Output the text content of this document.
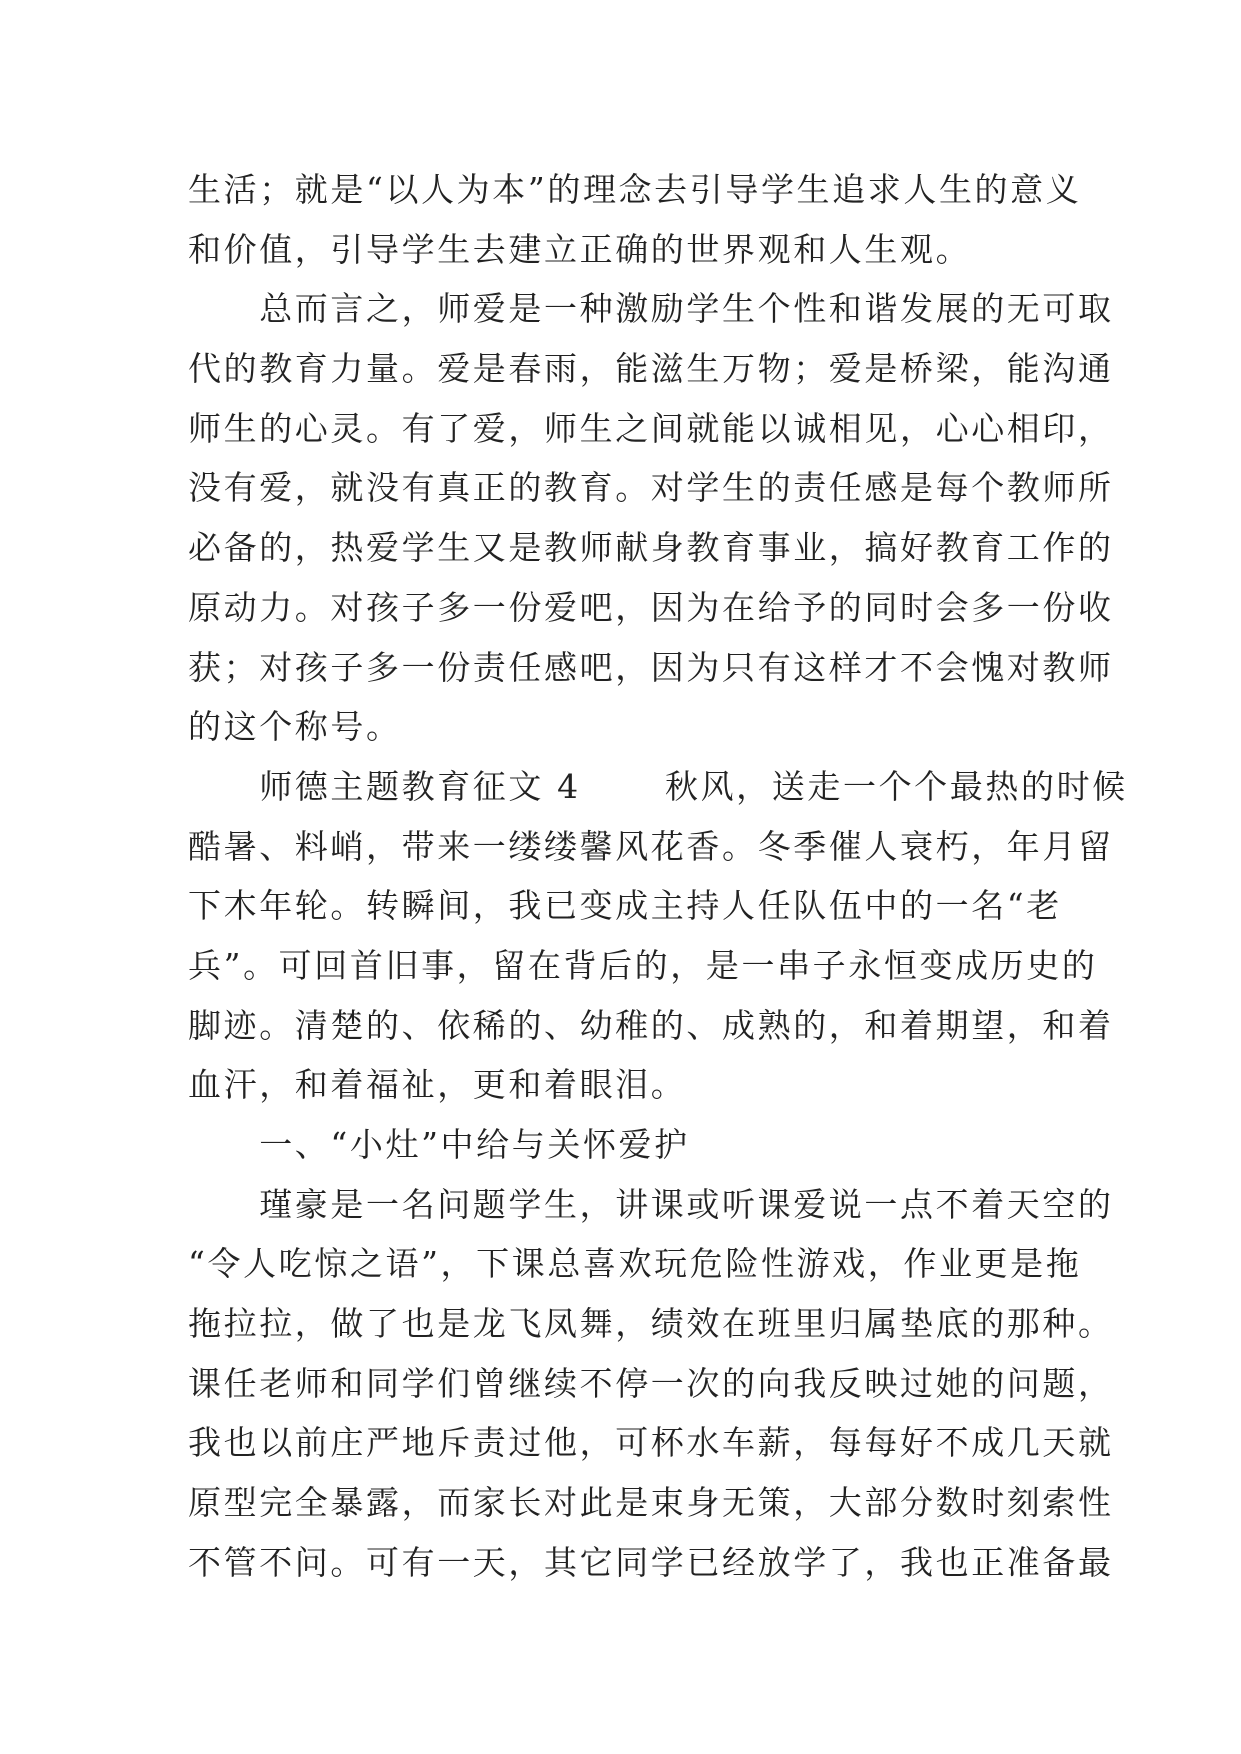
生活；就是“以人为本”的理念去引导学生追求人生的意义
和价值，引导学生去建立正确的世界观和人生观。
　　总而言之，师爱是一种激励学生个性和谐发展的无可取
代的教育力量。爱是春雨，能滋生万物；爱是桥梁，能沟通
师生的心灵。有了爱，师生之间就能以诚相见，心心相印，
没有爱，就没有真正的教育。对学生的责任感是每个教师所
必备的，热爱学生又是教师献身教育事业，搞好教育工作的
原动力。对孩子多一份爱吧，因为在给予的同时会多一份收
获；对孩子多一份责任感吧，因为只有这样才不会愧对教师
的这个称号。
　　师德主题教育征文 4　　 秋风，送走一个个最热的时候
酷暑、料峭，带来一缕缕馨风花香。冬季催人衰朽，年月留
下木年轮。转瞬间，我已变成主持人任队伍中的一名“老
兵”。可回首旧事，留在背后的，是一串子永恒变成历史的
脚迹。清楚的、依稀的、幼稚的、成熟的，和着期望，和着
血汗，和着福祉，更和着眼泪。
　　一、“小灶”中给与关怀爱护
　　瑾豪是一名问题学生，讲课或听课爱说一点不着天空的
“令人吃惊之语”，下课总喜欢玩危险性游戏，作业更是拖
拖拉拉，做了也是龙飞凤舞，绩效在班里归属垫底的那种。
课任老师和同学们曾继续不停一次的向我反映过她的问题，
我也以前庄严地斥责过他，可杯水车薪，每每好不成几天就
原型完全暴露，而家长对此是束身无策，大部分数时刻索性
不管不问。可有一天，其它同学已经放学了，我也正准备最
